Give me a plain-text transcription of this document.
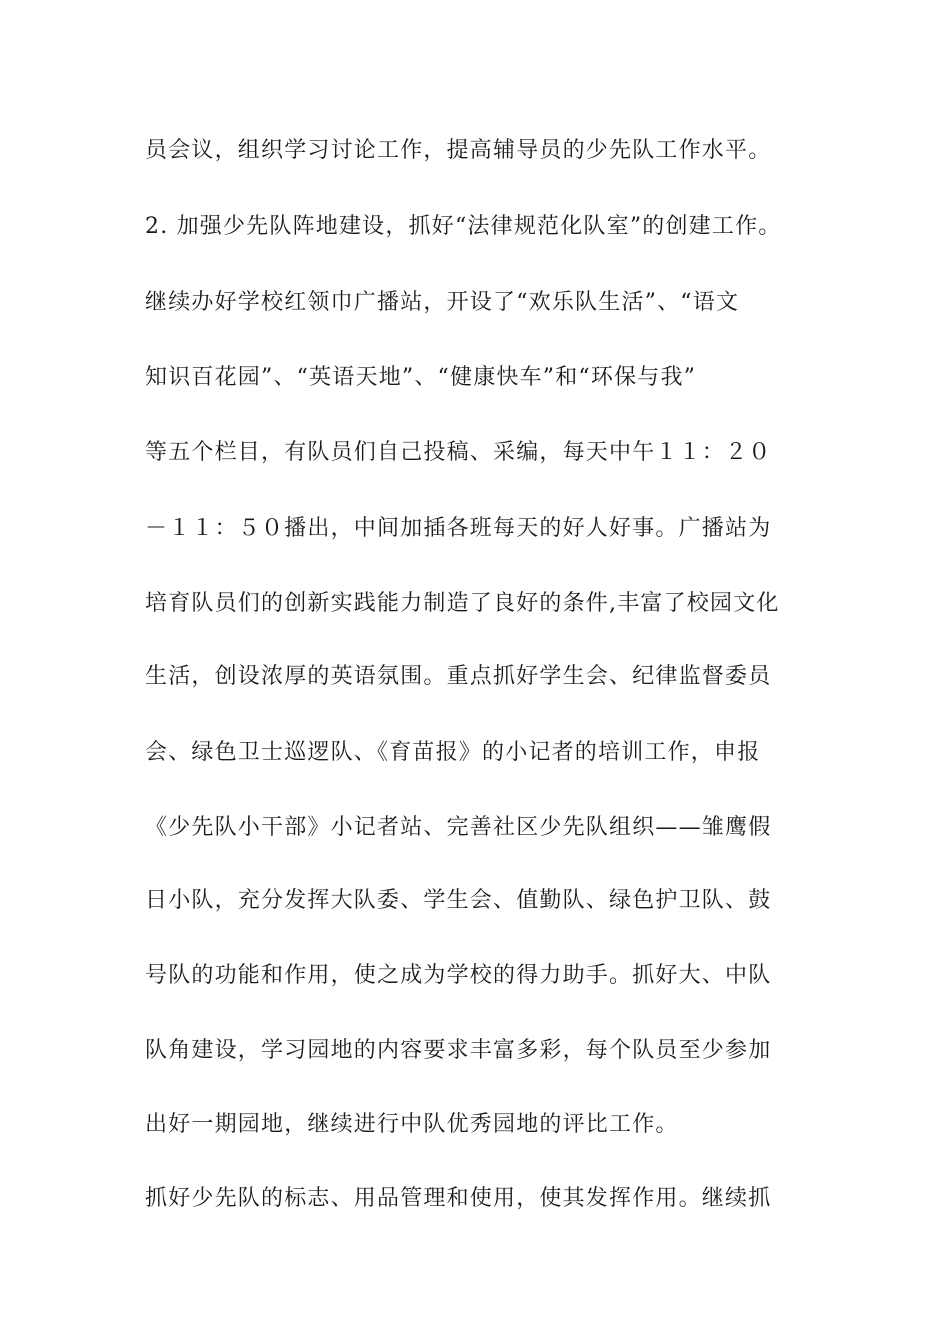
员会议，组织学习讨论工作，提高辅导员的少先队工作水平。
2. 加强少先队阵地建设，抓好“法律规范化队室”的创建工作。
继续办好学校红领巾广播站，开设了“欢乐队生活”、“语文
知识百花园”、“英语天地”、“健康快车”和“环保与我”
等五个栏目，有队员们自己投稿、采编，每天中午１１：２０
－１１：５０播出，中间加插各班每天的好人好事。广播站为
培育队员们的创新实践能力制造了良好的条件,丰富了校园文化
生活，创设浓厚的英语氛围。重点抓好学生会、纪律监督委员
会、绿色卫士巡逻队、《育苗报》的小记者的培训工作，申报
《少先队小干部》小记者站、完善社区少先队组织——雏鹰假
日小队，充分发挥大队委、学生会、值勤队、绿色护卫队、鼓
号队的功能和作用，使之成为学校的得力助手。抓好大、中队
队角建设，学习园地的内容要求丰富多彩，每个队员至少参加
出好一期园地，继续进行中队优秀园地的评比工作。
抓好少先队的标志、用品管理和使用，使其发挥作用。继续抓
